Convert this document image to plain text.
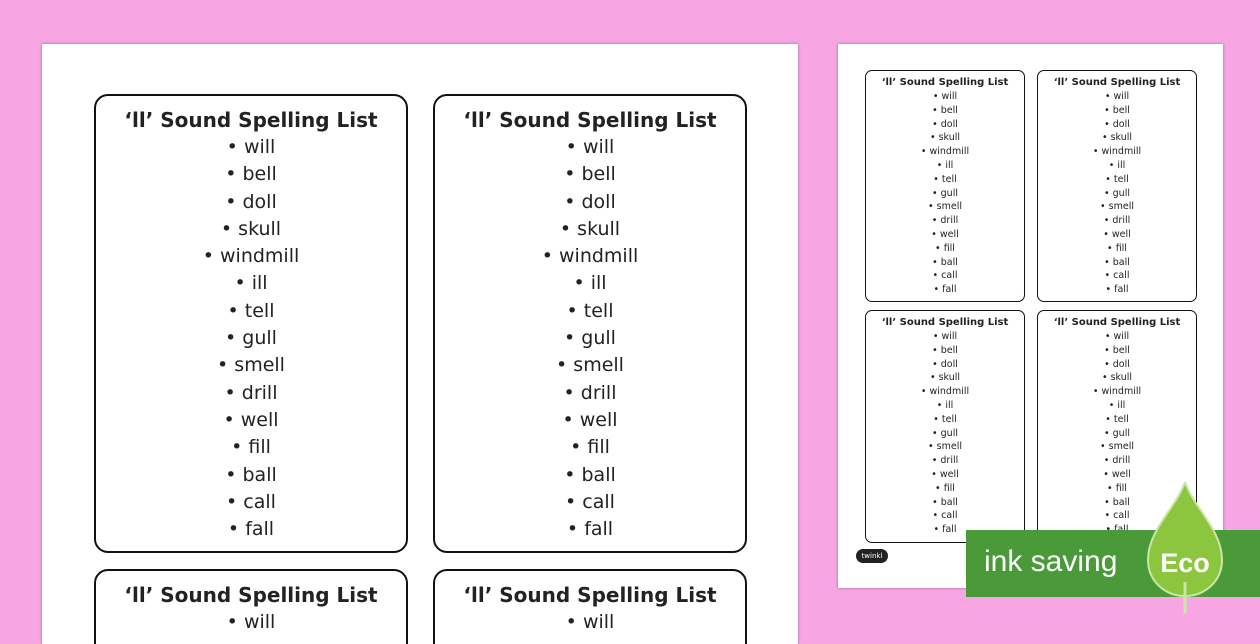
‘ll’ Sound Spelling List
• will
• bell
• doll
• skull
• windmill
• ill
• tell
• gull
• smell
• drill
• well
• fill
• ball
• call
• fall
‘ll’ Sound Spelling List
• will
• bell
• doll
• skull
• windmill
• ill
• tell
• gull
• smell
• drill
• well
• fill
• ball
• call
• fall
‘ll’ Sound Spelling List
• will
‘ll’ Sound Spelling List
• will
‘ll’ Sound Spelling List
• will
• bell
• doll
• skull
• windmill
• ill
• tell
• gull
• smell
• drill
• well
• fill
• ball
• call
• fall
‘ll’ Sound Spelling List
• will
• bell
• doll
• skull
• windmill
• ill
• tell
• gull
• smell
• drill
• well
• fill
• ball
• call
• fall
‘ll’ Sound Spelling List
• will
• bell
• doll
• skull
• windmill
• ill
• tell
• gull
• smell
• drill
• well
• fill
• ball
• call
• fall
‘ll’ Sound Spelling List
• will
• bell
• doll
• skull
• windmill
• ill
• tell
• gull
• smell
• drill
• well
• fill
• ball
• call
twinkl	ink saving Eco
